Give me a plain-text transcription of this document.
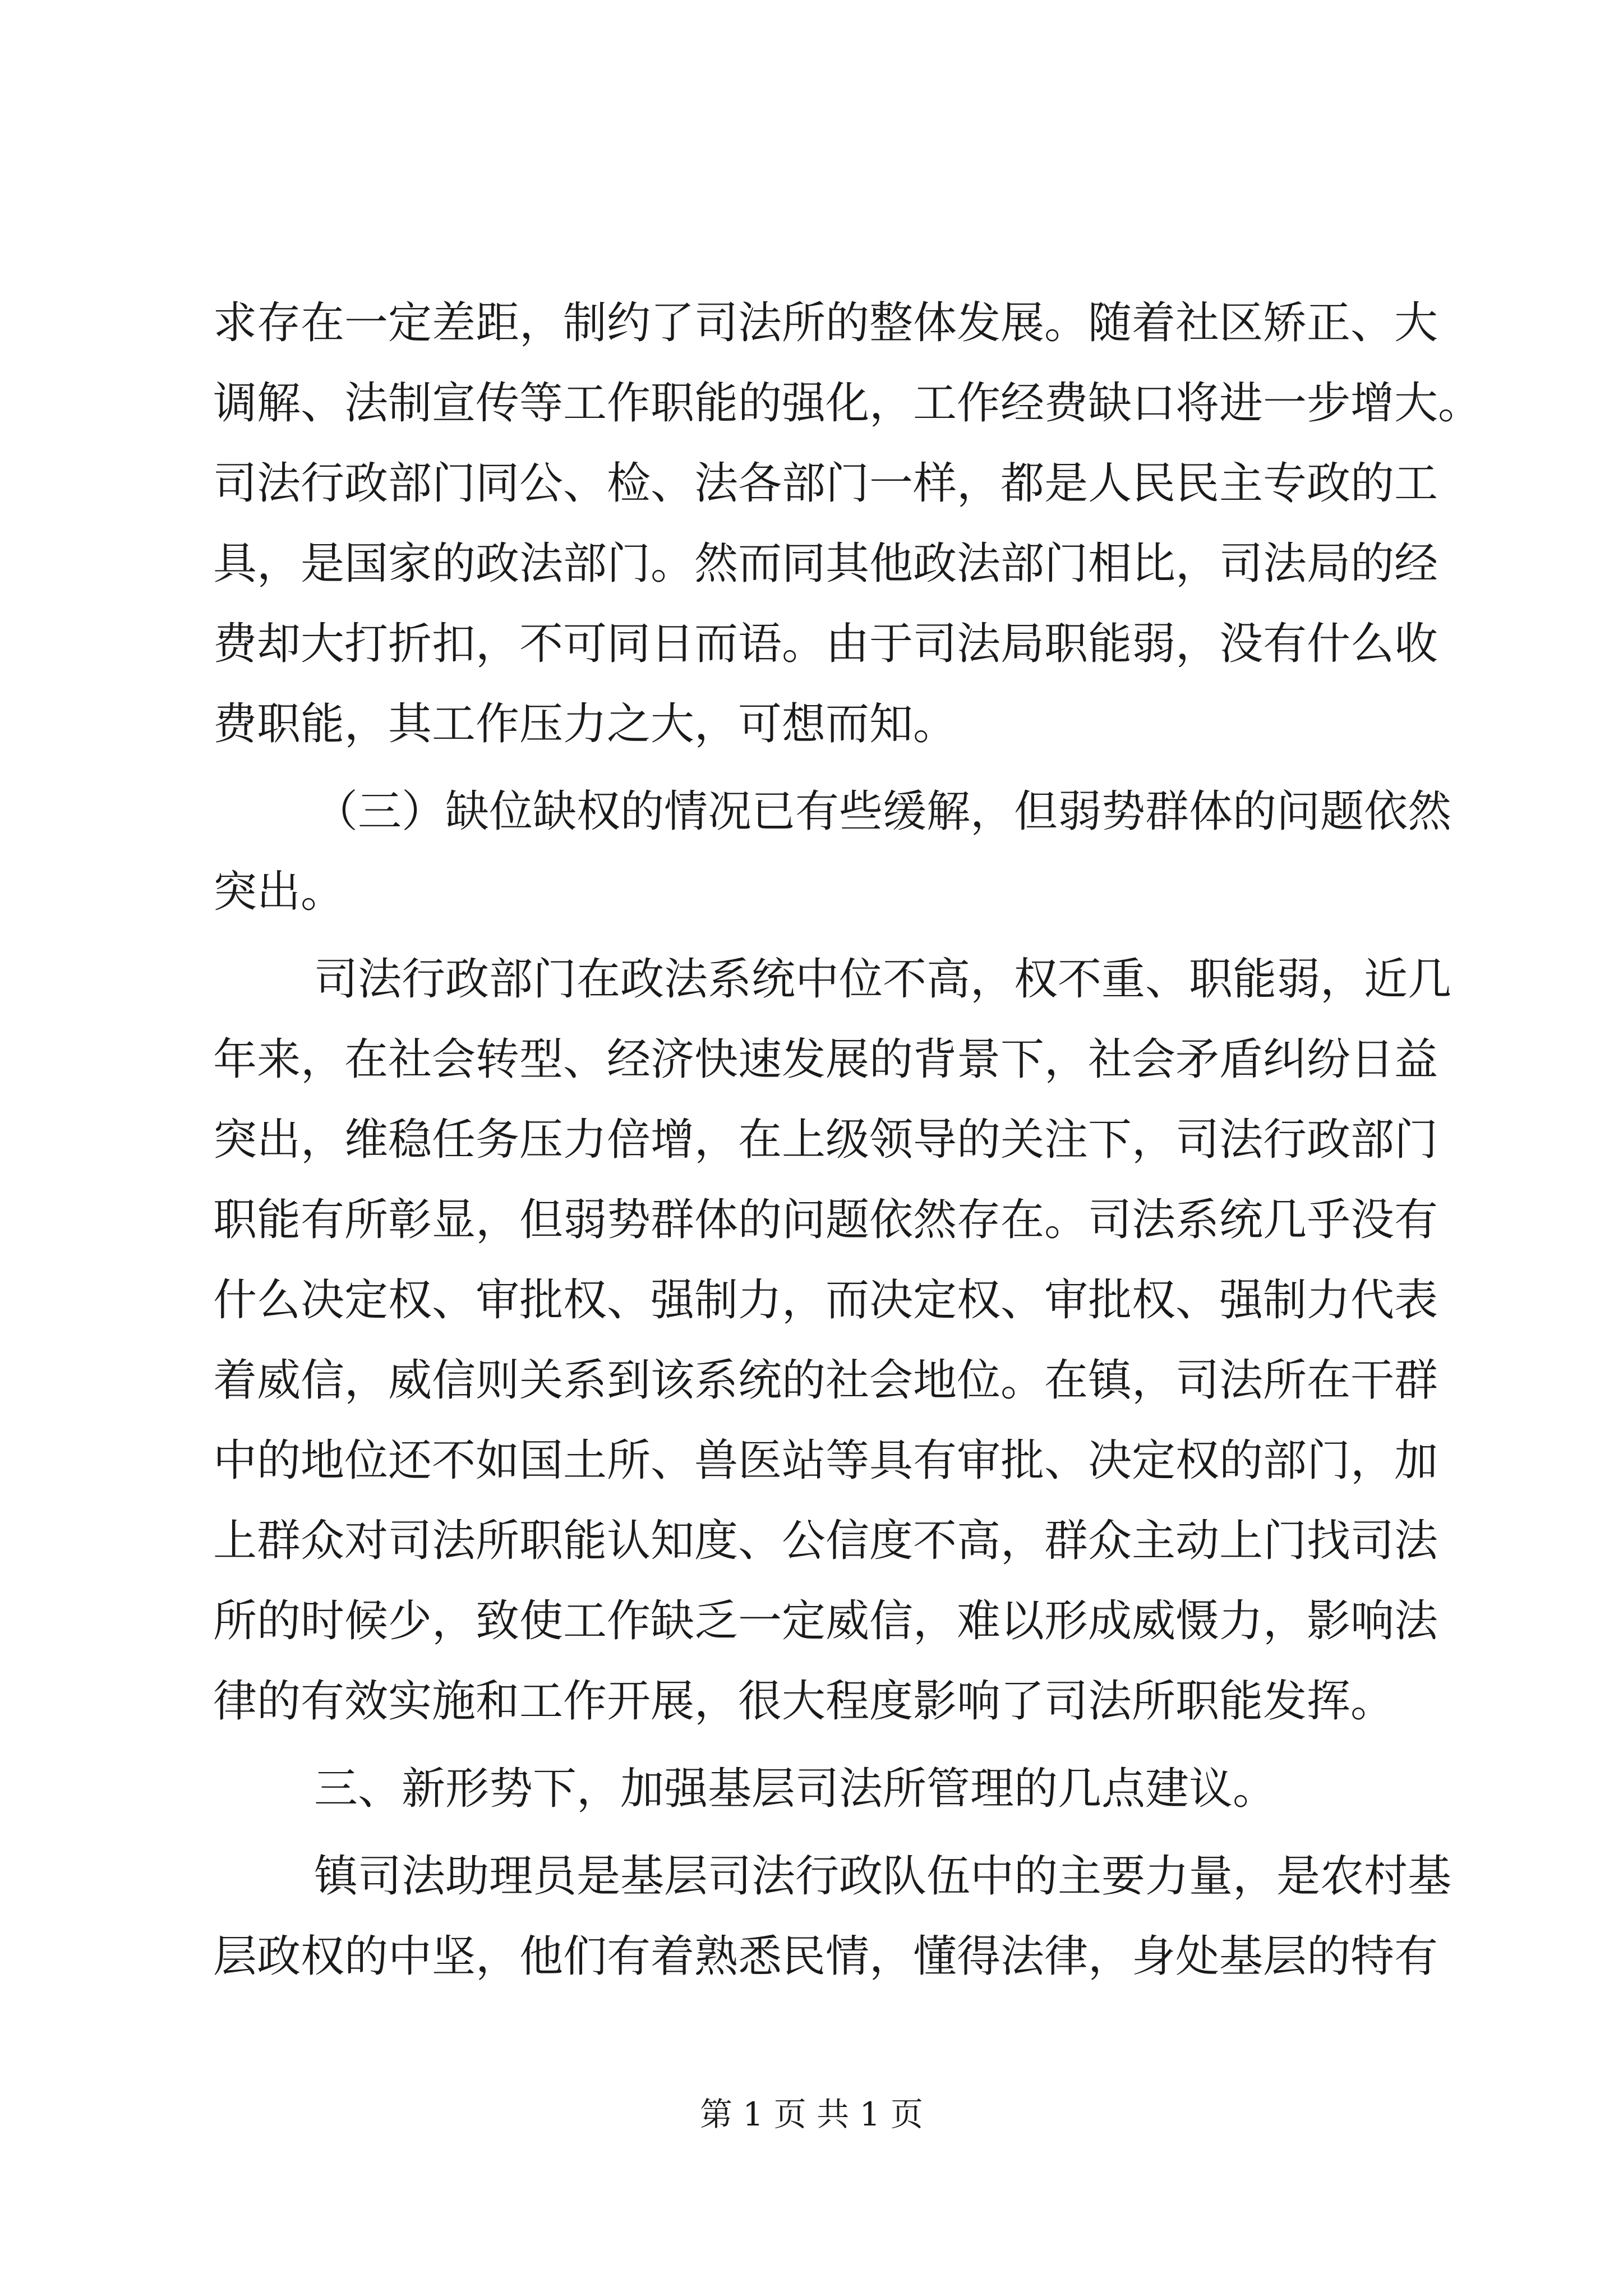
求存在一定差距，制约了司法所的整体发展。随着社区矫正、大
调解、法制宣传等工作职能的强化，工作经费缺口将进一步增大。
司法行政部门同公、检、法各部门一样，都是人民民主专政的工
具，是国家的政法部门。然而同其他政法部门相比，司法局的经
费却大打折扣，不可同日而语。由于司法局职能弱，没有什么收
费职能，其工作压力之大，可想而知。
（三）缺位缺权的情况已有些缓解，但弱势群体的问题依然
突出。
司法行政部门在政法系统中位不高，权不重、职能弱，近几
年来，在社会转型、经济快速发展的背景下，社会矛盾纠纷日益
突出，维稳任务压力倍增，在上级领导的关注下，司法行政部门
职能有所彰显，但弱势群体的问题依然存在。司法系统几乎没有
什么决定权、审批权、强制力，而决定权、审批权、强制力代表
着威信，威信则关系到该系统的社会地位。在镇，司法所在干群
中的地位还不如国土所、兽医站等具有审批、决定权的部门，加
上群众对司法所职能认知度、公信度不高，群众主动上门找司法
所的时候少，致使工作缺乏一定威信，难以形成威慑力，影响法
律的有效实施和工作开展，很大程度影响了司法所职能发挥。
三、新形势下，加强基层司法所管理的几点建议。
镇司法助理员是基层司法行政队伍中的主要力量，是农村基
层政权的中坚，他们有着熟悉民情，懂得法律，身处基层的特有
第 1 页 共 1 页
